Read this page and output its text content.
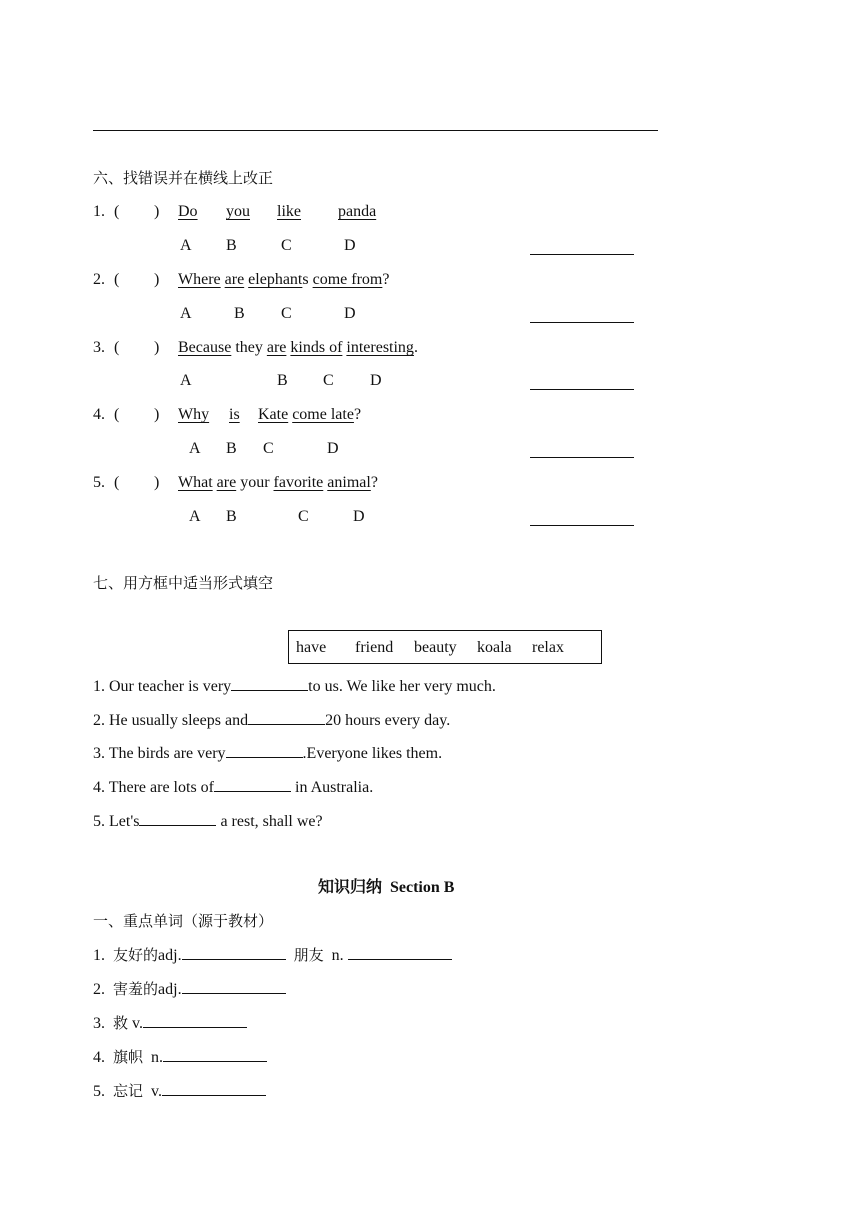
六、找错误并在横线上改正
1. ( ) Do you like panda
A B	C	D
2. ( ) Where are elephants come from?
A	B C	D
3. ( ) Because they are kinds of interesting.
A	B C D
4. ( ) Why is Kate come late?
A B C	D
5. ( ) What are your favorite animal?
A B	C	D
七、用方框中适当形式填空
have friend beauty koala relax
1. Our teacher is very	to us. We like her very much.
2. He usually sleeps and	20 hours every day.
3. The birds are very	.Everyone likes them.
4. There are lots of	in Australia.
5. Let's	a rest, shall we?
知识归纳  Section B
一、重点单词（源于教材）
1. 友好的adj.	朋友 n.
2. 害羞的adj.
3. 救 v.
4. 旗帜 n.
5. 忘记 v.
